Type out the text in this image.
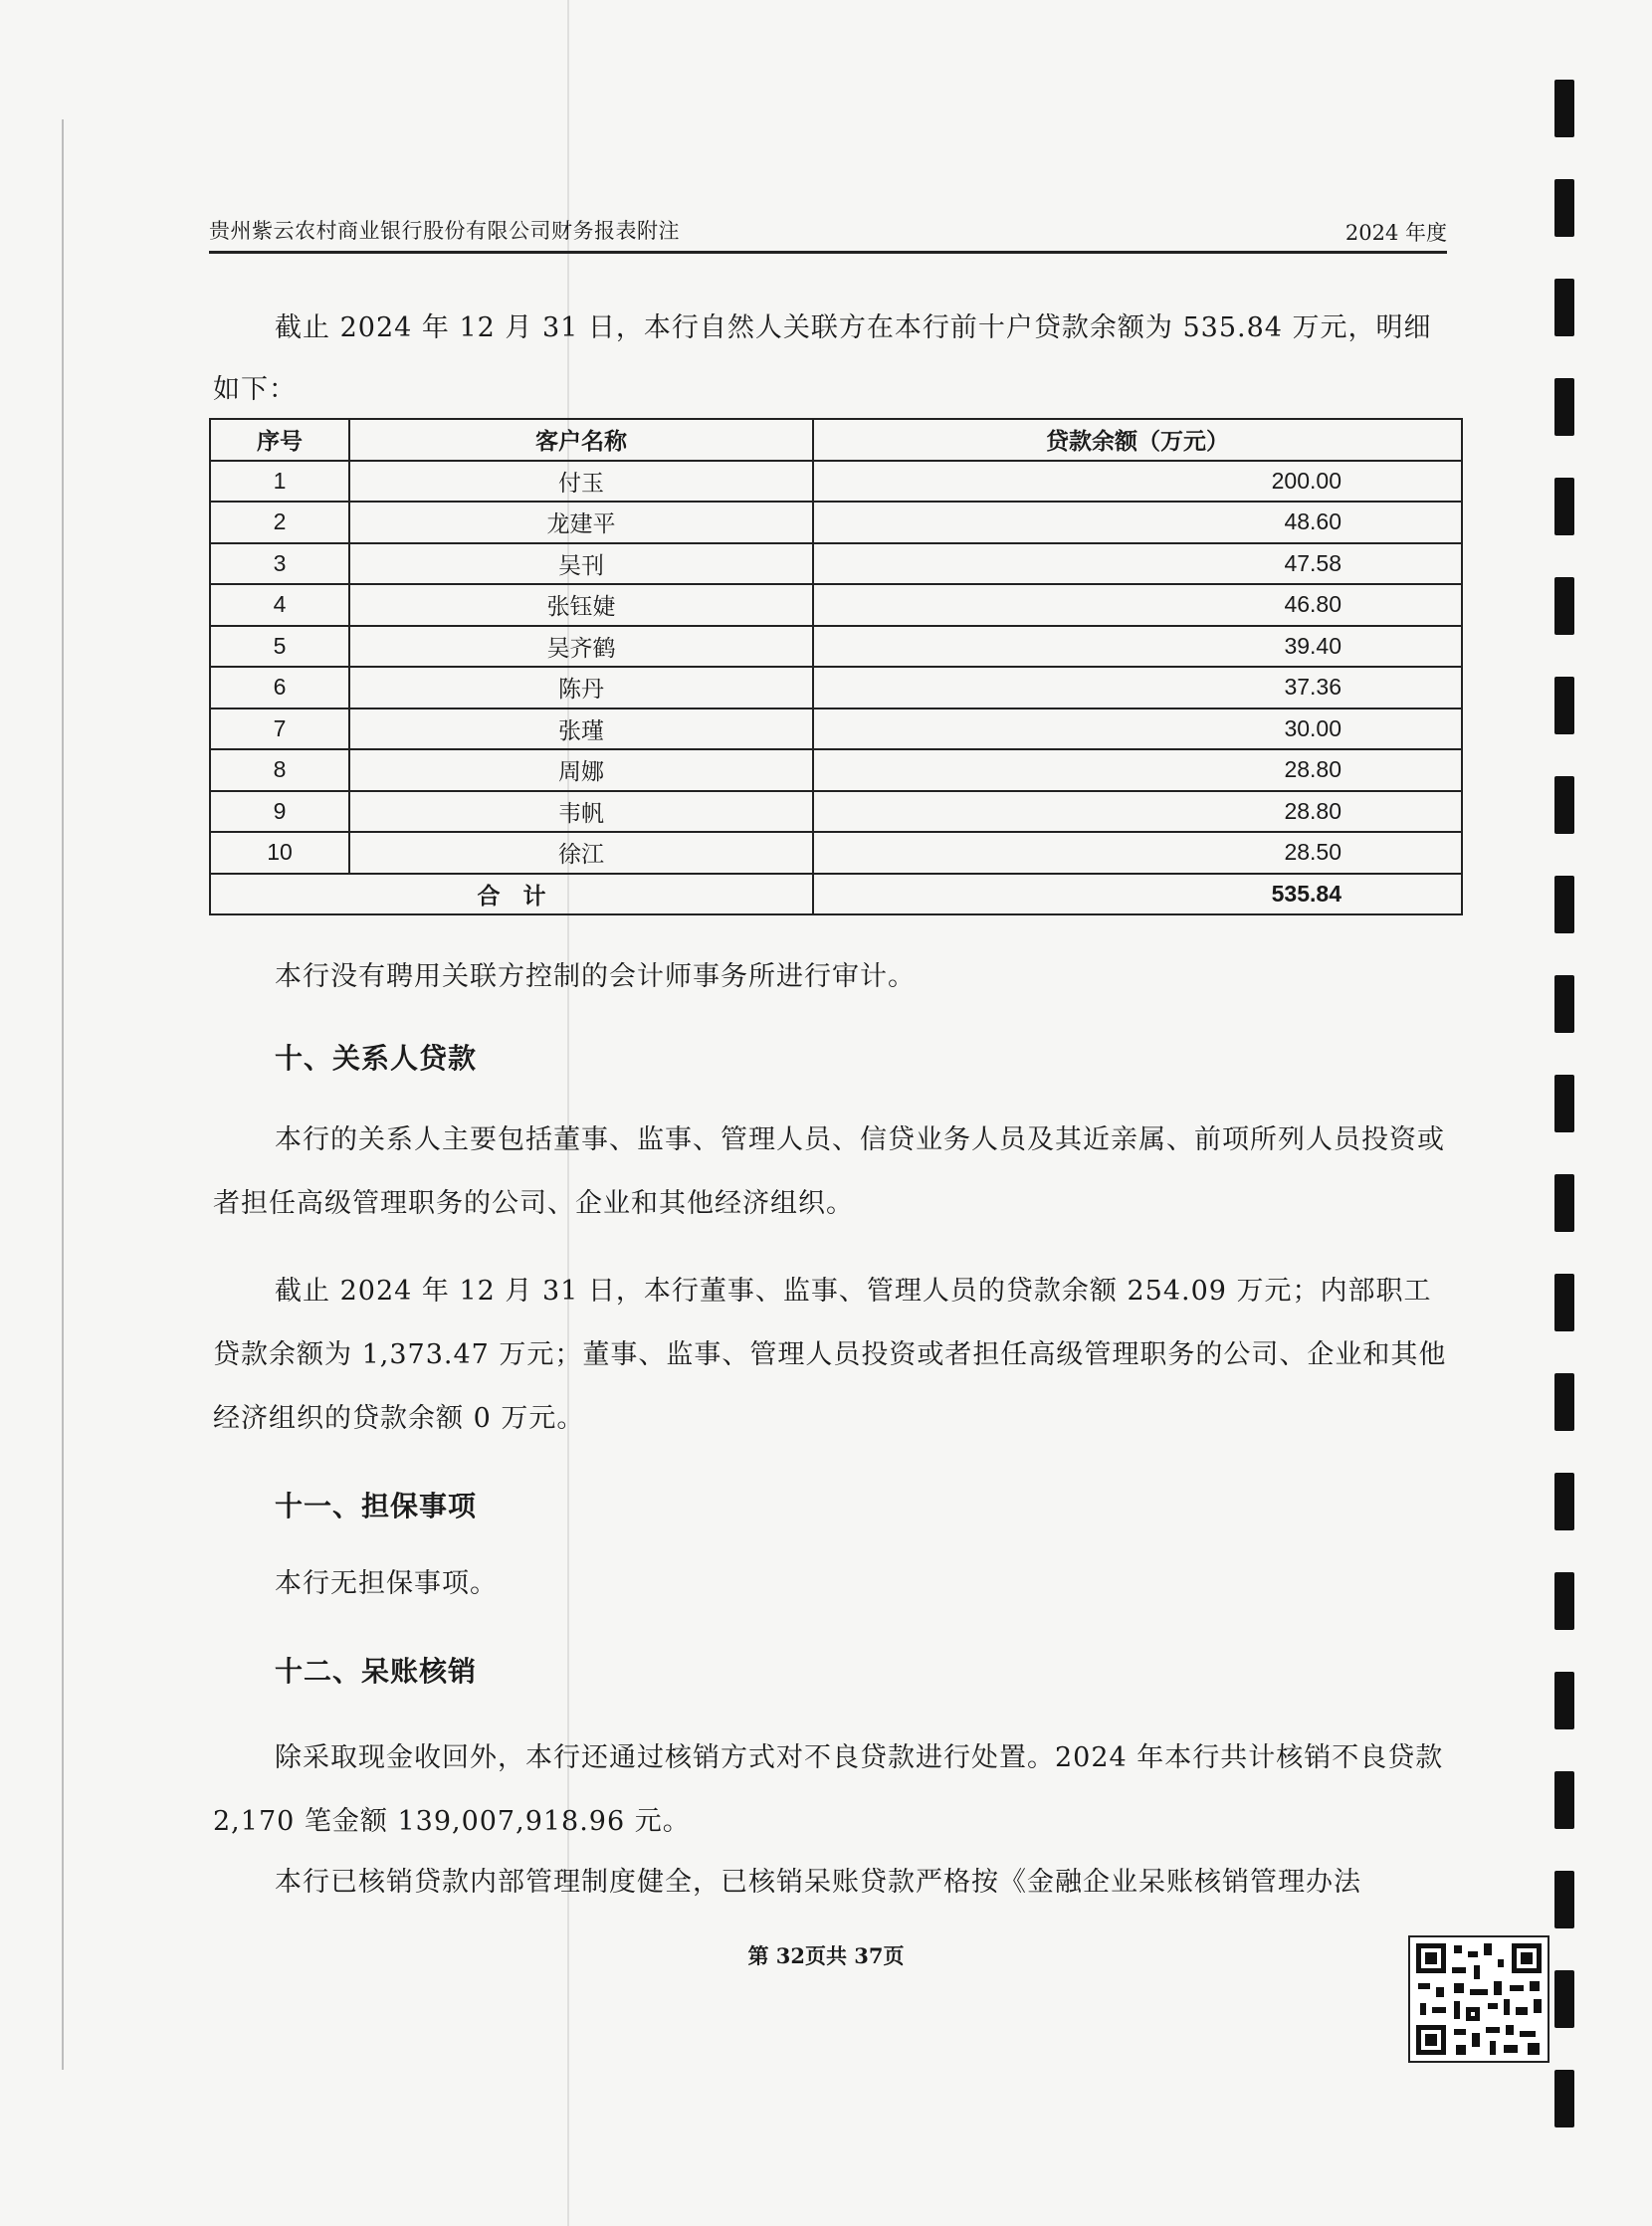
贵州紫云农村商业银行股份有限公司财务报表附注	2024 年度

截止 2024 年 12 月 31 日，本行自然人关联方在本行前十户贷款余额为 535.84 万元，明细

如下：

序号	客户名称	贷款余额（万元）
1	付玉	200.00
2	龙建平	48.60
3	吴刊	47.58
4	张钰婕	46.80
5	吴齐鹤	39.40
6	陈丹	37.36
7	张瑾	30.00
8	周娜	28.80
9	韦帆	28.80
10	徐江	28.50
合　计		535.84

本行没有聘用关联方控制的会计师事务所进行审计。

十、关系人贷款

本行的关系人主要包括董事、监事、管理人员、信贷业务人员及其近亲属、前项所列人员投资或者担任高级管理职务的公司、企业和其他经济组织。

截止 2024 年 12 月 31 日，本行董事、监事、管理人员的贷款余额 254.09 万元；内部职工贷款余额为 1,373.47 万元；董事、监事、管理人员投资或者担任高级管理职务的公司、企业和其他经济组织的贷款余额 0 万元。

十一、担保事项

本行无担保事项。

十二、呆账核销

除采取现金收回外，本行还通过核销方式对不良贷款进行处置。2024 年本行共计核销不良贷款 2,170 笔金额 139,007,918.96 元。

本行已核销贷款内部管理制度健全，已核销呆账贷款严格按《金融企业呆账核销管理办法

第 32页共 37页
